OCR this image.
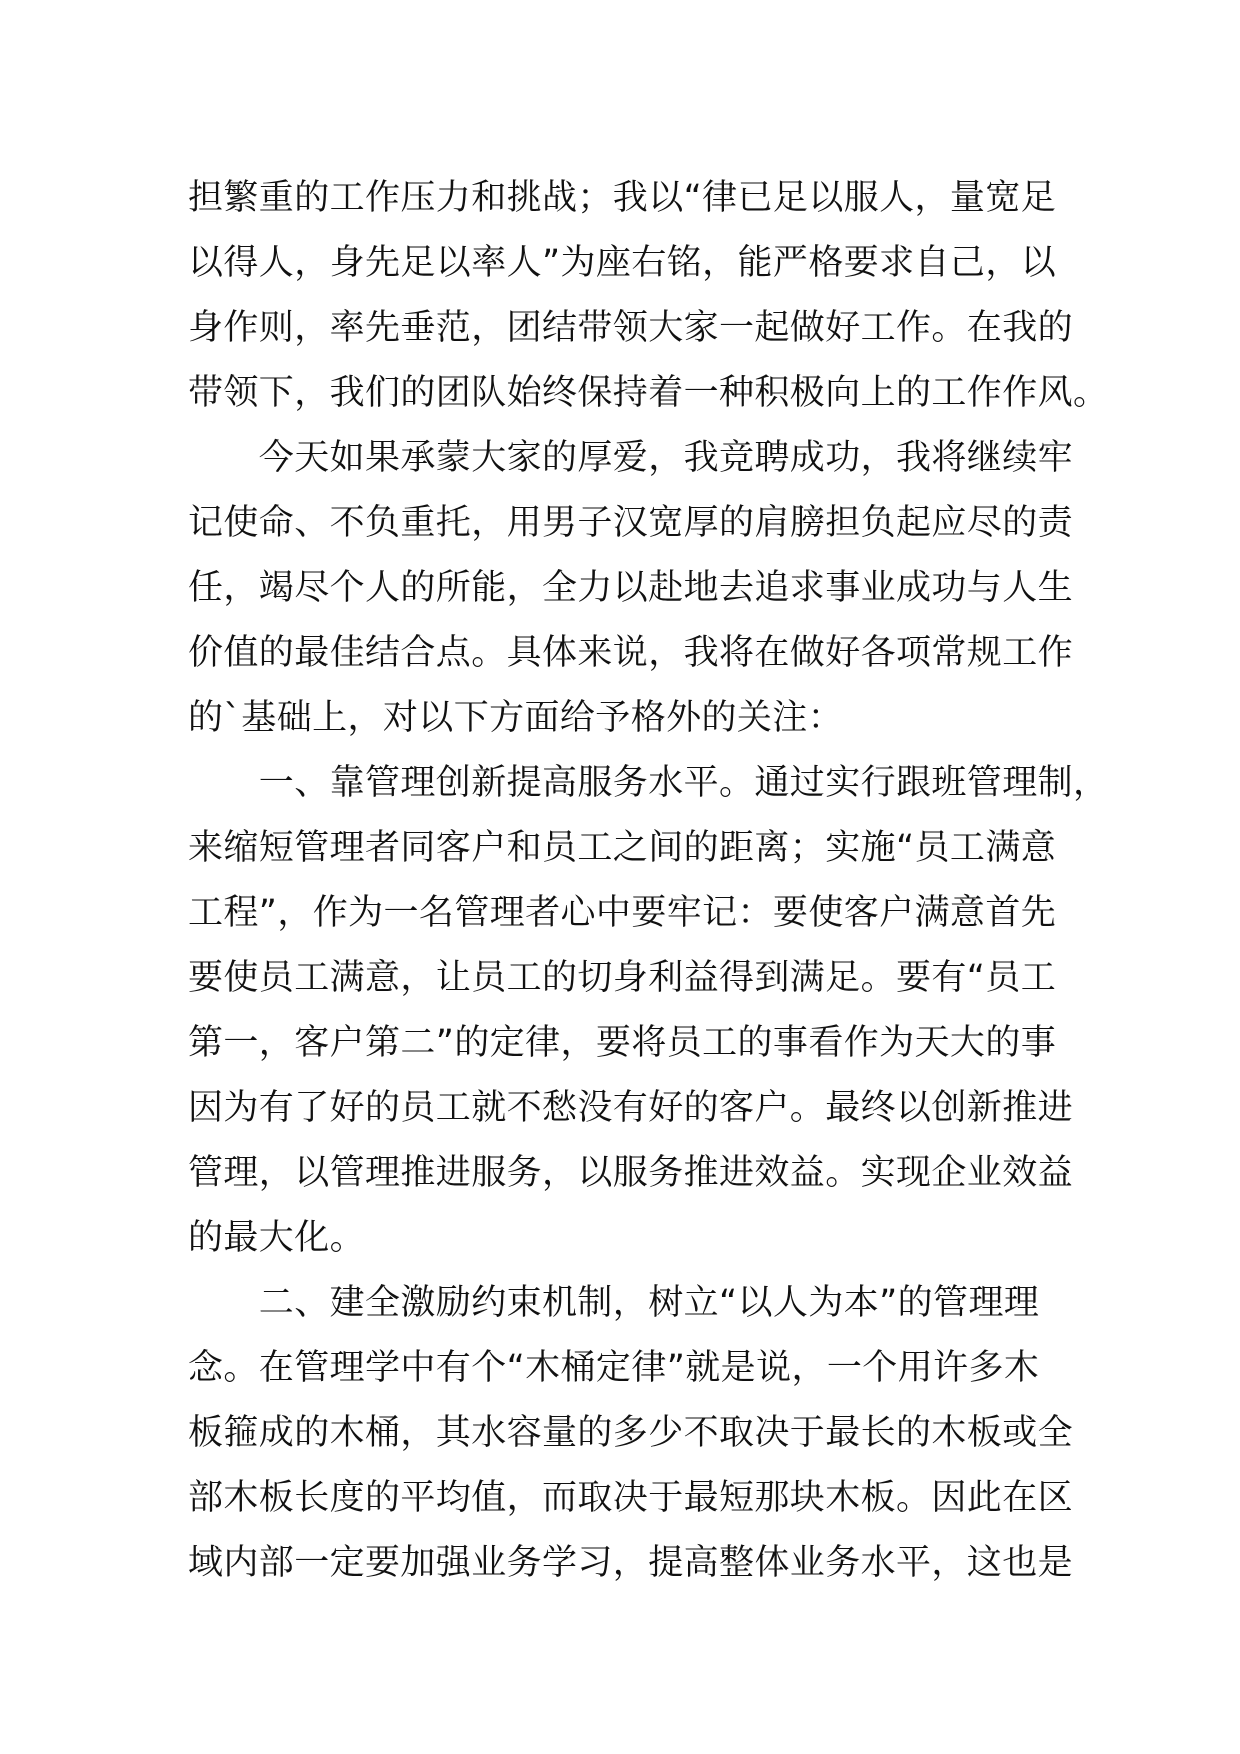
担繁重的工作压力和挑战；我以“律已足以服人，量宽足
以得人，身先足以率人”为座右铭，能严格要求自己，以
身作则，率先垂范，团结带领大家一起做好工作。在我的
带领下，我们的团队始终保持着一种积极向上的工作作风。
　　今天如果承蒙大家的厚爱，我竞聘成功，我将继续牢
记使命、不负重托，用男子汉宽厚的肩膀担负起应尽的责
任，竭尽个人的所能，全力以赴地去追求事业成功与人生
价值的最佳结合点。具体来说，我将在做好各项常规工作
的`基础上，对以下方面给予格外的关注：
　　一、靠管理创新提高服务水平。通过实行跟班管理制，
来缩短管理者同客户和员工之间的距离；实施“员工满意
工程”，作为一名管理者心中要牢记：要使客户满意首先
要使员工满意，让员工的切身利益得到满足。要有“员工
第一，客户第二”的定律，要将员工的事看作为天大的事
因为有了好的员工就不愁没有好的客户。最终以创新推进
管理，以管理推进服务，以服务推进效益。实现企业效益
的最大化。
　　二、建全激励约束机制，树立“以人为本”的管理理
念。在管理学中有个“木桶定律”就是说，一个用许多木
板箍成的木桶，其水容量的多少不取决于最长的木板或全
部木板长度的平均值，而取决于最短那块木板。因此在区
域内部一定要加强业务学习，提高整体业务水平，这也是
